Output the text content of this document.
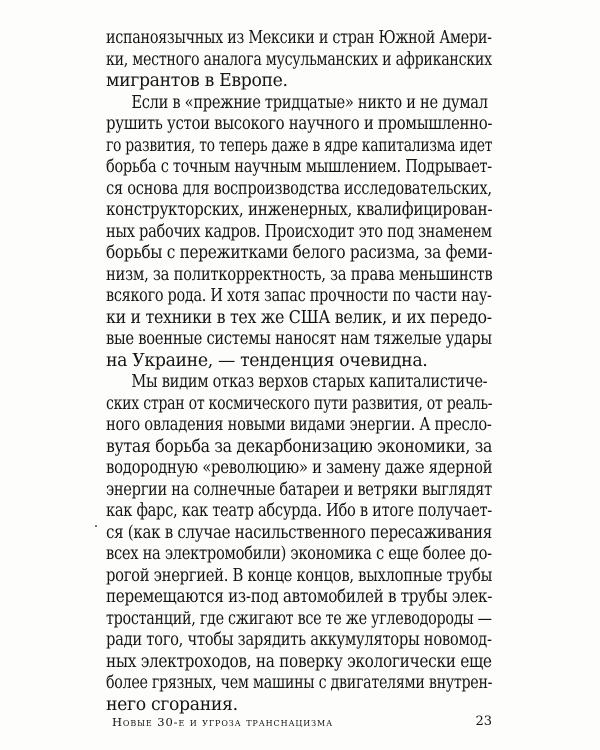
испаноязычных из Мексики и стран Южной Амери-
ки, местного аналога мусульманских и африканских
мигрантов в Европе.
Если в «прежние тридцатые» никто и не думал
рушить устои высокого научного и промышленно-
го развития, то теперь даже в ядре капитализма идет
борьба с точным научным мышлением. Подрывает-
ся основа для воспроизводства исследовательских,
конструкторских, инженерных, квалифицирован-
ных рабочих кадров. Происходит это под знаменем
борьбы с пережитками белого расизма, за феми-
низм, за политкорректность, за права меньшинств
всякого рода. И хотя запас прочности по части нау-
ки и техники в тех же США велик, и их передо-
вые военные системы наносят нам тяжелые удары
на Украине, — тенденция очевидна.
Мы видим отказ верхов старых капиталистиче-
ских стран от космического пути развития, от реаль-
ного овладения новыми видами энергии. А пресло-
вутая борьба за декарбонизацию экономики, за
водородную «революцию» и замену даже ядерной
энергии на солнечные батареи и ветряки выглядят
как фарс, как театр абсурда. Ибо в итоге получает-
ся (как в случае насильственного пересаживания
всех на электромобили) экономика с еще более до-
рогой энергией. В конце концов, выхлопные трубы
перемещаются из-под автомобилей в трубы элек-
тростанций, где сжигают все те же углеводороды —
ради того, чтобы зарядить аккумуляторы новомод-
ных электроходов, на поверку экологически еще
более грязных, чем машины с двигателями внутрен-
него сгорания.
Новые 30-е и угроза транснацизма	23
